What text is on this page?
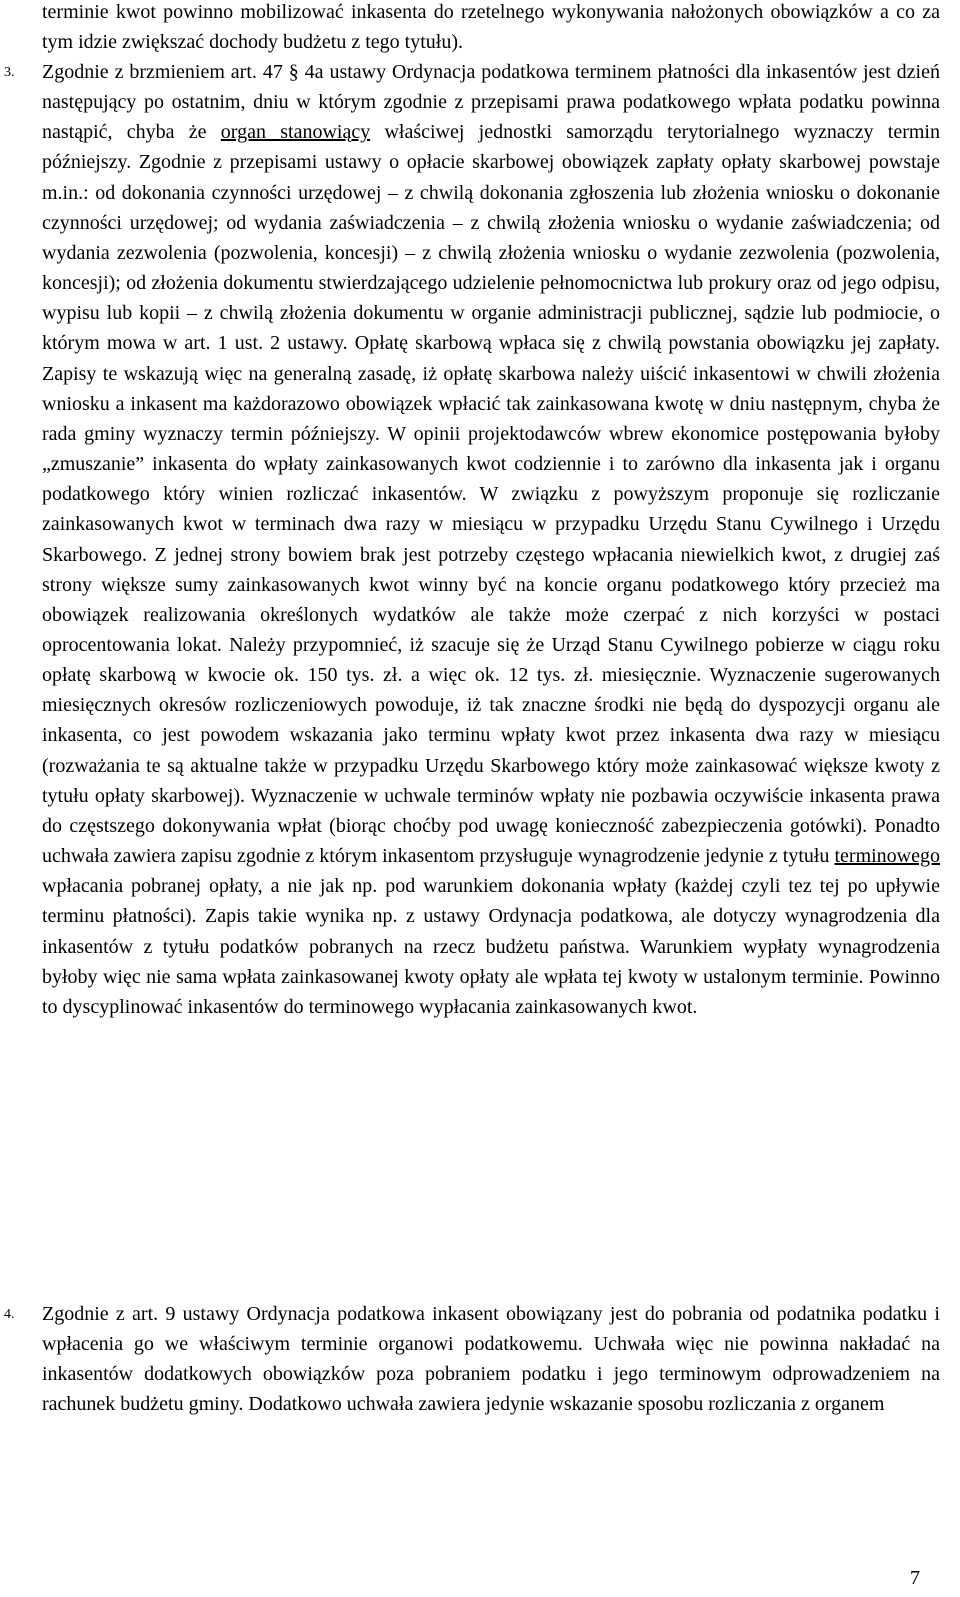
terminie kwot powinno mobilizować inkasenta do rzetelnego wykonywania nałożonych obowiązków a co za tym idzie zwiększać dochody budżetu z tego tytułu).

3. Zgodnie z brzmieniem art. 47 § 4a ustawy Ordynacja podatkowa terminem płatności dla inkasentów jest dzień następujący po ostatnim, dniu w którym zgodnie z przepisami prawa podatkowego wpłata podatku powinna nastąpić, chyba że organ stanowiący właściwej jednostki samorządu terytorialnego wyznaczy termin późniejszy. Zgodnie z przepisami ustawy o opłacie skarbowej obowiązek zapłaty opłaty skarbowej powstaje m.in.: od dokonania czynności urzędowej – z chwilą dokonania zgłoszenia lub złożenia wniosku o dokonanie czynności urzędowej; od wydania zaświadczenia – z chwilą złożenia wniosku o wydanie zaświadczenia; od wydania zezwolenia (pozwolenia, koncesji) – z chwilą złożenia wniosku o wydanie zezwolenia (pozwolenia, koncesji); od złożenia dokumentu stwierdzającego udzielenie pełnomocnictwa lub prokury oraz od jego odpisu, wypisu lub kopii – z chwilą złożenia dokumentu w organie administracji publicznej, sądzie lub podmiocie, o którym mowa w art. 1 ust. 2 ustawy. Opłatę skarbową wpłaca się z chwilą powstania obowiązku jej zapłaty. Zapisy te wskazują więc na generalną zasadę, iż opłatę skarbowa należy uiścić inkasentowi w chwili złożenia wniosku a inkasent ma każdorazowo obowiązek wpłacić tak zainkasowana kwotę w dniu następnym, chyba że rada gminy wyznaczy termin późniejszy. W opinii projektodawców wbrew ekonomice postępowania byłoby „zmuszanie” inkasenta do wpłaty zainkasowanych kwot codziennie i to zarówno dla inkasenta jak i organu podatkowego który winien rozliczać inkasentów. W związku z powyższym proponuje się rozliczanie zainkasowanych kwot w terminach dwa razy w miesiącu w przypadku Urzędu Stanu Cywilnego i Urzędu Skarbowego. Z jednej strony bowiem brak jest potrzeby częstego wpłacania niewielkich kwot, z drugiej zaś strony większe sumy zainkasowanych kwot winny być na koncie organu podatkowego który przecież ma obowiązek realizowania określonych wydatków ale także może czerpać z nich korzyści w postaci oprocentowania lokat. Należy przypomnieć, iż szacuje się że Urząd Stanu Cywilnego pobierze w ciągu roku opłatę skarbową w kwocie ok. 150 tys. zł. a więc ok. 12 tys. zł. miesięcznie. Wyznaczenie sugerowanych miesięcznych okresów rozliczeniowych powoduje, iż tak znaczne środki nie będą do dyspozycji organu ale inkasenta, co jest powodem wskazania jako terminu wpłaty kwot przez inkasenta dwa razy w miesiącu (rozważania te są aktualne także w przypadku Urzędu Skarbowego który może zainkasować większe kwoty z tytułu opłaty skarbowej). Wyznaczenie w uchwale terminów wpłaty nie pozbawia oczywiście inkasenta prawa do częstszego dokonywania wpłat (biorąc choćby pod uwagę konieczność zabezpieczenia gotówki). Ponadto uchwała zawiera zapisu zgodnie z którym inkasentom przysługuje wynagrodzenie jedynie z tytułu terminowego wpłacania pobranej opłaty, a nie jak np. pod warunkiem dokonania wpłaty (każdej czyli tez tej po upływie terminu płatności). Zapis takie wynika np. z ustawy Ordynacja podatkowa, ale dotyczy wynagrodzenia dla inkasentów z tytułu podatków pobranych na rzecz budżetu państwa. Warunkiem wypłaty wynagrodzenia byłoby więc nie sama wpłata zainkasowanej kwoty opłaty ale wpłata tej kwoty w ustalonym terminie. Powinno to dyscyplinować inkasentów do terminowego wypłacania zainkasowanych kwot.

4. Zgodnie z art. 9 ustawy Ordynacja podatkowa inkasent obowiązany jest do pobrania od podatnika podatku i wpłacenia go we właściwym terminie organowi podatkowemu. Uchwała więc nie powinna nakładać na inkasentów dodatkowych obowiązków poza pobraniem podatku i jego terminowym odprowadzeniem na rachunek budżetu gminy. Dodatkowo uchwała zawiera jedynie wskazanie sposobu rozliczania z organem

7
